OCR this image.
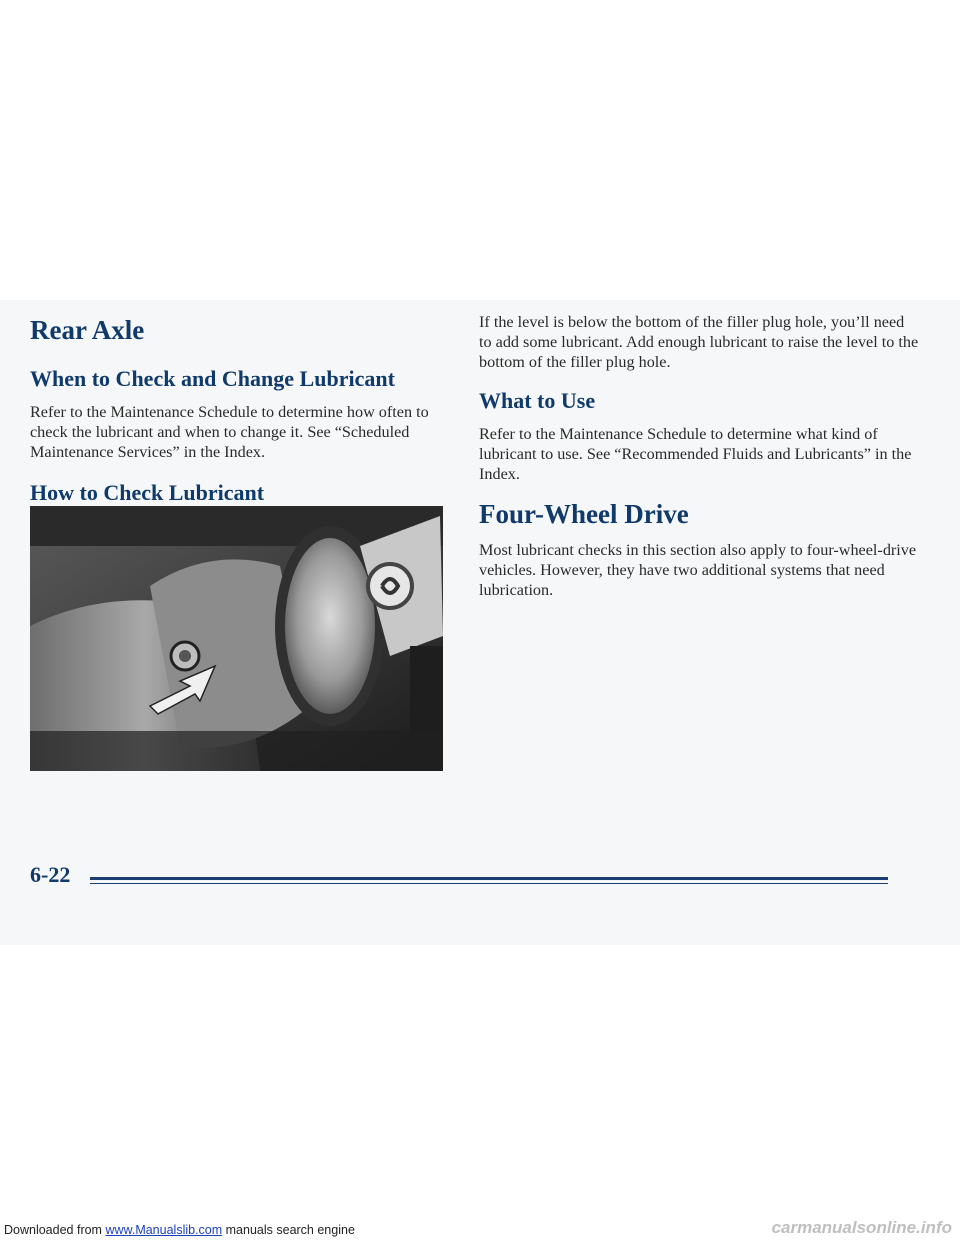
Rear Axle
When to Check and Change Lubricant

Refer to the Maintenance Schedule to determine how often to check the lubricant and when to change it. See “Scheduled Maintenance Services” in the Index.

How to Check Lubricant

If the level is below the bottom of the filler plug hole, you’ll need to add some lubricant. Add enough lubricant to raise the level to the bottom of the filler plug hole.

What to Use

Refer to the Maintenance Schedule to determine what kind of lubricant to use. See “Recommended Fluids and Lubricants” in the Index.

Four-Wheel Drive

Most lubricant checks in this section also apply to four-wheel-drive vehicles. However, they have two additional systems that need lubrication.

6-22
Downloaded from www.Manualslib.com manuals search engine	carmanualsonline.info
